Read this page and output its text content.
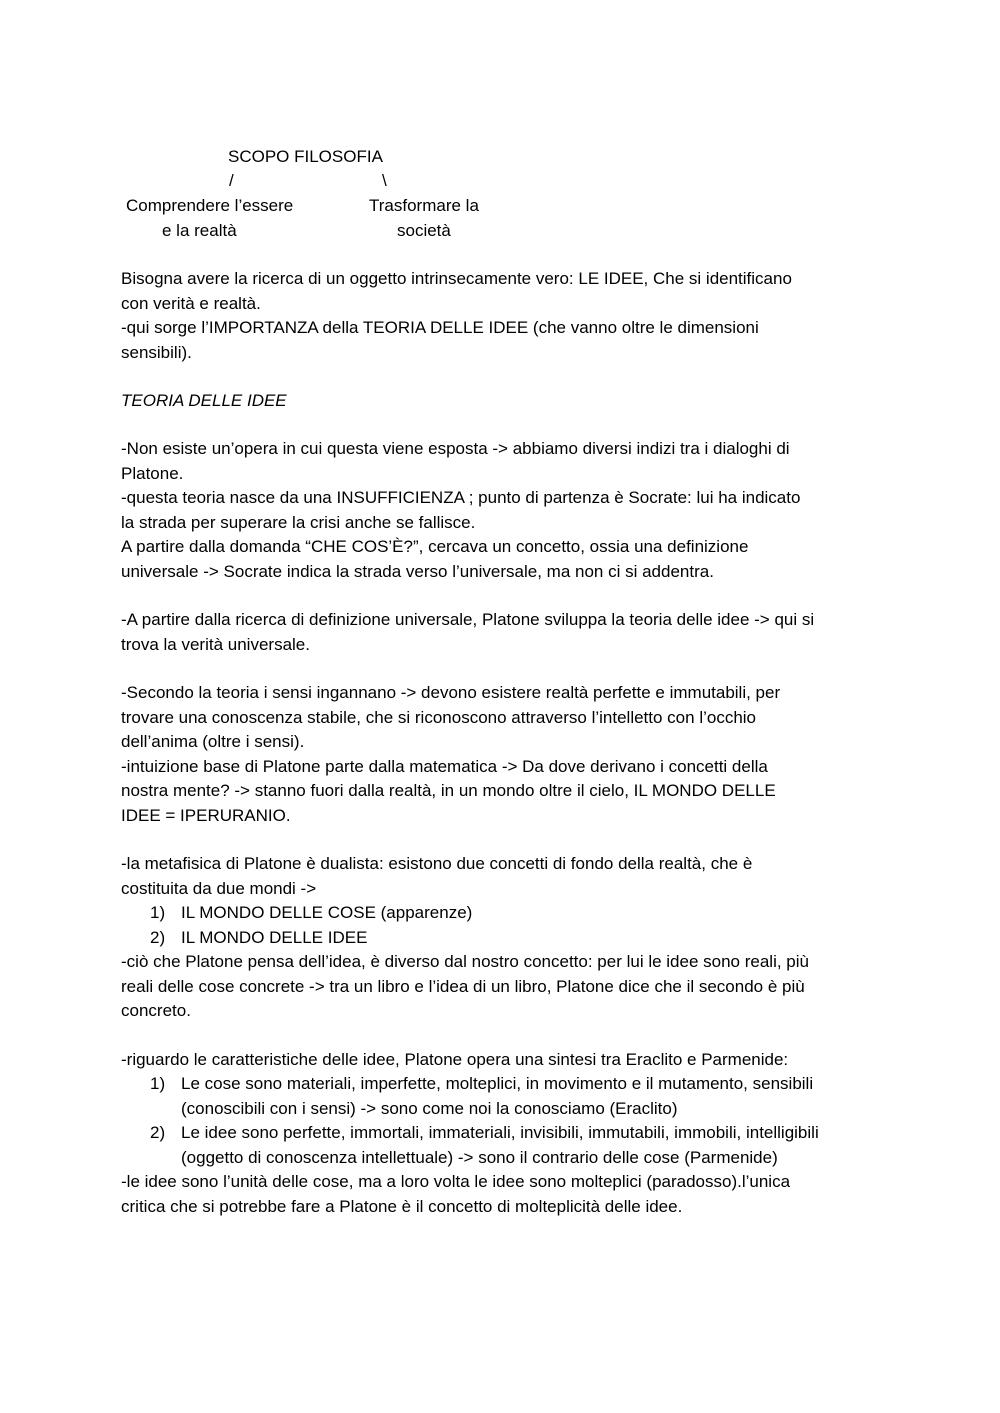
SCOPO FILOSOFIA
/	\
Comprendere l’essere	Trasformare la
e la realtà	società
Bisogna avere la ricerca di un oggetto intrinsecamente vero: LE IDEE, Che si identificano
con verità e realtà.
-qui sorge l’IMPORTANZA della TEORIA DELLE IDEE (che vanno oltre le dimensioni
sensibili).
TEORIA DELLE IDEE
-Non esiste un’opera in cui questa viene esposta -> abbiamo diversi indizi tra i dialoghi di
Platone.
-questa teoria nasce da una INSUFFICIENZA ; punto di partenza è Socrate: lui ha indicato
la strada per superare la crisi anche se fallisce.
A partire dalla domanda “CHE COS’È?”, cercava un concetto, ossia una definizione
universale -> Socrate indica la strada verso l’universale, ma non ci si addentra.
-A partire dalla ricerca di definizione universale, Platone sviluppa la teoria delle idee -> qui si
trova la verità universale.
-Secondo la teoria i sensi ingannano -> devono esistere realtà perfette e immutabili, per
trovare una conoscenza stabile, che si riconoscono attraverso l’intelletto con l’occhio
dell’anima (oltre i sensi).
-intuizione base di Platone parte dalla matematica -> Da dove derivano i concetti della
nostra mente? -> stanno fuori dalla realtà, in un mondo oltre il cielo, IL MONDO DELLE
IDEE = IPERURANIO.
-la metafisica di Platone è dualista: esistono due concetti di fondo della realtà, che è
costituita da due mondi ->
1) IL MONDO DELLE COSE (apparenze)
2) IL MONDO DELLE IDEE
-ciò che Platone pensa dell’idea, è diverso dal nostro concetto: per lui le idee sono reali, più
reali delle cose concrete -> tra un libro e l’idea di un libro, Platone dice che il secondo è più
concreto.
-riguardo le caratteristiche delle idee, Platone opera una sintesi tra Eraclito e Parmenide:
1) Le cose sono materiali, imperfette, molteplici, in movimento e il mutamento, sensibili
(conoscibili con i sensi) -> sono come noi la conosciamo (Eraclito)
2) Le idee sono perfette, immortali, immateriali, invisibili, immutabili, immobili, intelligibili
(oggetto di conoscenza intellettuale) -> sono il contrario delle cose (Parmenide)
-le idee sono l’unità delle cose, ma a loro volta le idee sono molteplici (paradosso).l’unica
critica che si potrebbe fare a Platone è il concetto di molteplicità delle idee.
